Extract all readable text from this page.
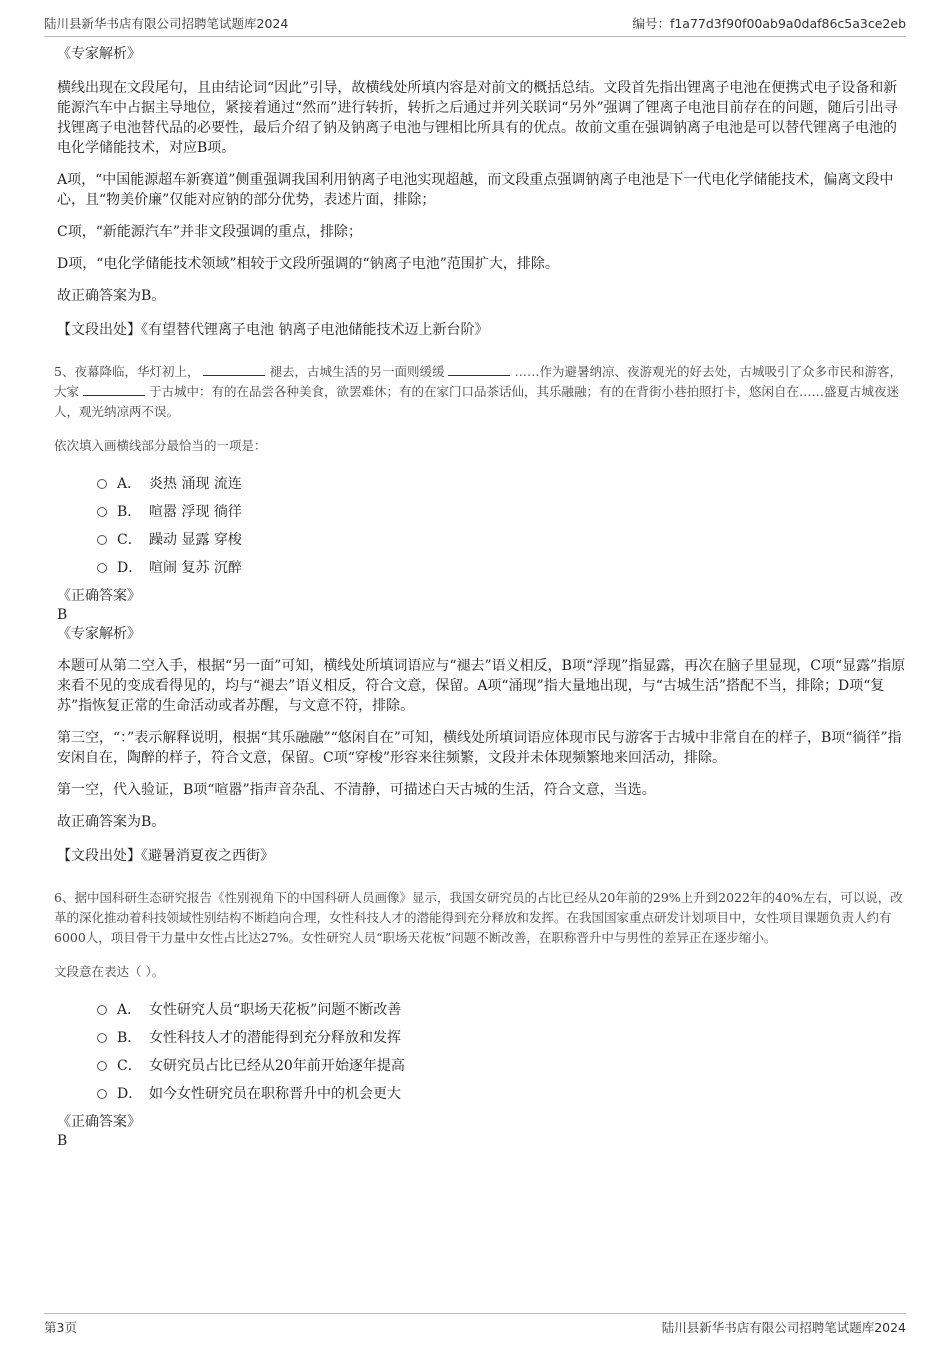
陆川县新华书店有限公司招聘笔试题库2024	编号：f1a77d3f90f00ab9a0daf86c5a3ce2eb
《专家解析》

横线出现在文段尾句，且由结论词“因此”引导，故横线处所填内容是对前文的概括总结。文段首先指出锂离子电池在便携式电子设备和新能源汽车中占据主导地位，紧接着通过“然而”进行转折，转折之后通过并列关联词“另外”强调了锂离子电池目前存在的问题，随后引出寻找锂离子电池替代品的必要性，最后介绍了钠及钠离子电池与锂相比所具有的优点。故前文重在强调钠离子电池是可以替代锂离子电池的电化学储能技术，对应B项。

A项，“中国能源超车新赛道”侧重强调我国利用钠离子电池实现超越，而文段重点强调钠离子电池是下一代电化学储能技术，偏离文段中心，且“物美价廉”仅能对应钠的部分优势，表述片面，排除；

C项，“新能源汽车”并非文段强调的重点，排除；

D项，“电化学储能技术领域”相较于文段所强调的“钠离子电池”范围扩大，排除。

故正确答案为B。

【文段出处】《有望替代锂离子电池 钠离子电池储能技术迈上新台阶》

5、夜幕降临，华灯初上，	褪去，古城生活的另一面则缓缓	……作为避暑纳凉、夜游观光的好去处，古城吸引了众多市民和游客，大家	于古城中：有的在品尝各种美食，欲罢难休；有的在家门口品茶话仙，其乐融融；有的在背街小巷拍照打卡，悠闲自在……盛夏古城夜迷人，观光纳凉两不误。

依次填入画横线部分最恰当的一项是：

A． 炎热 涌现 流连
B． 喧嚣 浮现 徜徉
C． 躁动 显露 穿梭
D． 喧闹 复苏 沉醉
《正确答案》

B

《专家解析》

本题可从第二空入手，根据“另一面”可知，横线处所填词语应与“褪去”语义相反，B项“浮现”指显露，再次在脑子里显现，C项“显露”指原来看不见的变成看得见的，均与“褪去”语义相反，符合文意，保留。A项“涌现”指大量地出现，与“古城生活”搭配不当，排除；D项“复苏”指恢复正常的生命活动或者苏醒，与文意不符，排除。

第三空，“：”表示解释说明，根据“其乐融融”“悠闲自在”可知，横线处所填词语应体现市民与游客于古城中非常自在的样子，B项“徜徉”指安闲自在，陶醉的样子，符合文意，保留。C项“穿梭”形容来往频繁，文段并未体现频繁地来回活动，排除。

第一空，代入验证，B项“喧嚣”指声音杂乱、不清静，可描述白天古城的生活，符合文意，当选。

故正确答案为B。

【文段出处】《避暑消夏夜之西街》

6、据中国科研生态研究报告《性别视角下的中国科研人员画像》显示，我国女研究员的占比已经从20年前的29%上升到2022年的40%左右，可以说，改革的深化推动着科技领域性别结构不断趋向合理，女性科技人才的潜能得到充分释放和发挥。在我国国家重点研发计划项目中，女性项目课题负责人约有6000人，项目骨干力量中女性占比达27%。女性研究人员“职场天花板”问题不断改善，在职称晋升中与男性的差异正在逐步缩小。

文段意在表达（ ）。

A． 女性研究人员“职场天花板”问题不断改善
B． 女性科技人才的潜能得到充分释放和发挥
C． 女研究员占比已经从20年前开始逐年提高
D． 如今女性研究员在职称晋升中的机会更大
《正确答案》

B

第3页	陆川县新华书店有限公司招聘笔试题库2024
